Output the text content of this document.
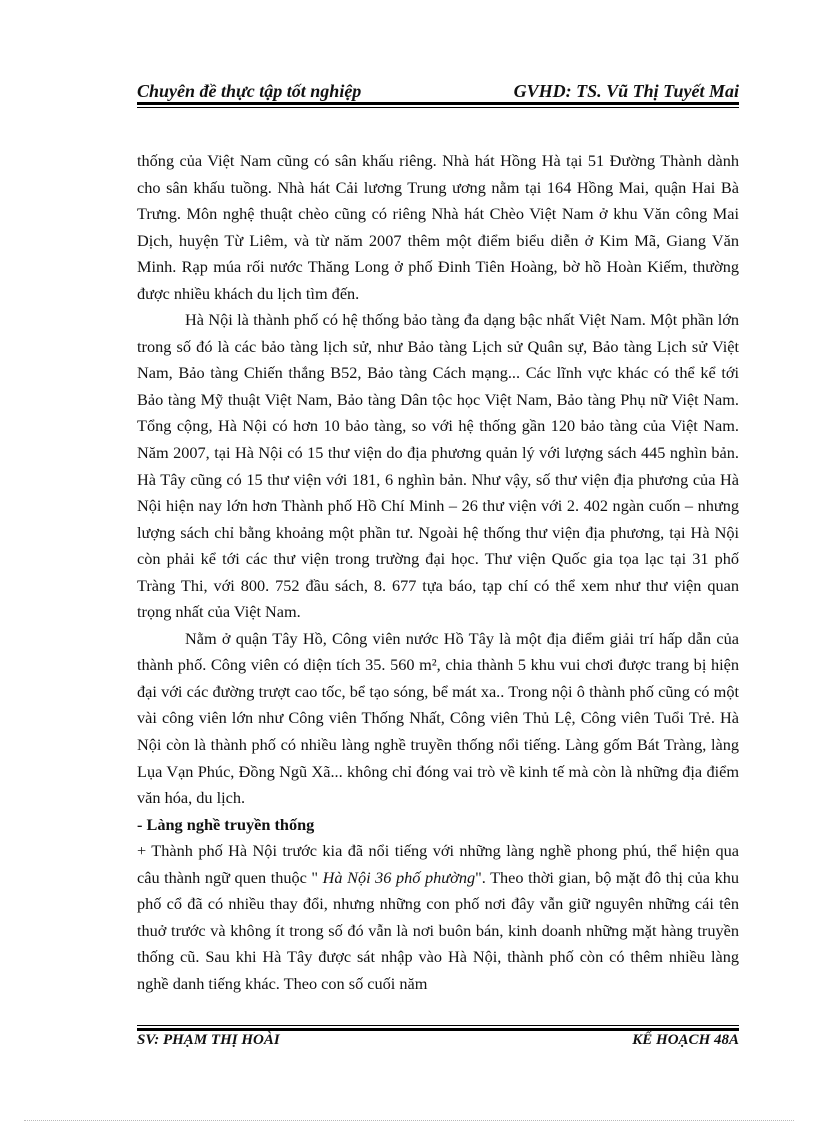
Chuyên đề thực tập tốt nghiệp	GVHD: TS. Vũ Thị Tuyết Mai

thống của Việt Nam cũng có sân khấu riêng. Nhà hát Hồng Hà tại 51 Đường Thành dành cho sân khấu tuồng. Nhà hát Cải lương Trung ương nằm tại 164 Hồng Mai, quận Hai Bà Trưng. Môn nghệ thuật chèo cũng có riêng Nhà hát Chèo Việt Nam ở khu Văn công Mai Dịch, huyện Từ Liêm, và từ năm 2007 thêm một điểm biểu diễn ở Kim Mã, Giang Văn Minh. Rạp múa rối nước Thăng Long ở phố Đinh Tiên Hoàng, bờ hồ Hoàn Kiếm, thường được nhiều khách du lịch tìm đến.

Hà Nội là thành phố có hệ thống bảo tàng đa dạng bậc nhất Việt Nam. Một phần lớn trong số đó là các bảo tàng lịch sử, như Bảo tàng Lịch sử Quân sự, Bảo tàng Lịch sử Việt Nam, Bảo tàng Chiến thắng B52, Bảo tàng Cách mạng... Các lĩnh vực khác có thể kể tới Bảo tàng Mỹ thuật Việt Nam, Bảo tàng Dân tộc học Việt Nam, Bảo tàng Phụ nữ Việt Nam. Tổng cộng, Hà Nội có hơn 10 bảo tàng, so với hệ thống gần 120 bảo tàng của Việt Nam. Năm 2007, tại Hà Nội có 15 thư viện do địa phương quản lý với lượng sách 445 nghìn bản. Hà Tây cũng có 15 thư viện với 181, 6 nghìn bản. Như vậy, số thư viện địa phương của Hà Nội hiện nay lớn hơn Thành phố Hồ Chí Minh – 26 thư viện với 2. 402 ngàn cuốn – nhưng lượng sách chỉ bằng khoảng một phần tư. Ngoài hệ thống thư viện địa phương, tại Hà Nội còn phải kể tới các thư viện trong trường đại học. Thư viện Quốc gia tọa lạc tại 31 phố Tràng Thi, với 800. 752 đầu sách, 8. 677 tựa báo, tạp chí có thể xem như thư viện quan trọng nhất của Việt Nam.

Nằm ở quận Tây Hồ, Công viên nước Hồ Tây là một địa điểm giải trí hấp dẫn của thành phố. Công viên có diện tích 35. 560 m², chia thành 5 khu vui chơi được trang bị hiện đại với các đường trượt cao tốc, bể tạo sóng, bể mát xa.. Trong nội ô thành phố cũng có một vài công viên lớn như Công viên Thống Nhất, Công viên Thủ Lệ, Công viên Tuổi Trẻ. Hà Nội còn là thành phố có nhiều làng nghề truyền thống nổi tiếng. Làng gốm Bát Tràng, làng Lụa Vạn Phúc, Đồng Ngũ Xã... không chỉ đóng vai trò về kinh tế mà còn là những địa điểm văn hóa, du lịch.

- Làng nghề truyền thống

+ Thành phố Hà Nội trước kia đã nổi tiếng với những làng nghề phong phú, thể hiện qua câu thành ngữ quen thuộc " Hà Nội 36 phố phường". Theo thời gian, bộ mặt đô thị của khu phố cổ đã có nhiều thay đổi, nhưng những con phố nơi đây vẫn giữ nguyên những cái tên thuở trước và không ít trong số đó vẫn là nơi buôn bán, kinh doanh những mặt hàng truyền thống cũ. Sau khi Hà Tây được sát nhập vào Hà Nội, thành phố còn có thêm nhiều làng nghề danh tiếng khác. Theo con số cuối năm

SV: PHẠM THỊ HOÀI	KẾ HOẠCH 48A
